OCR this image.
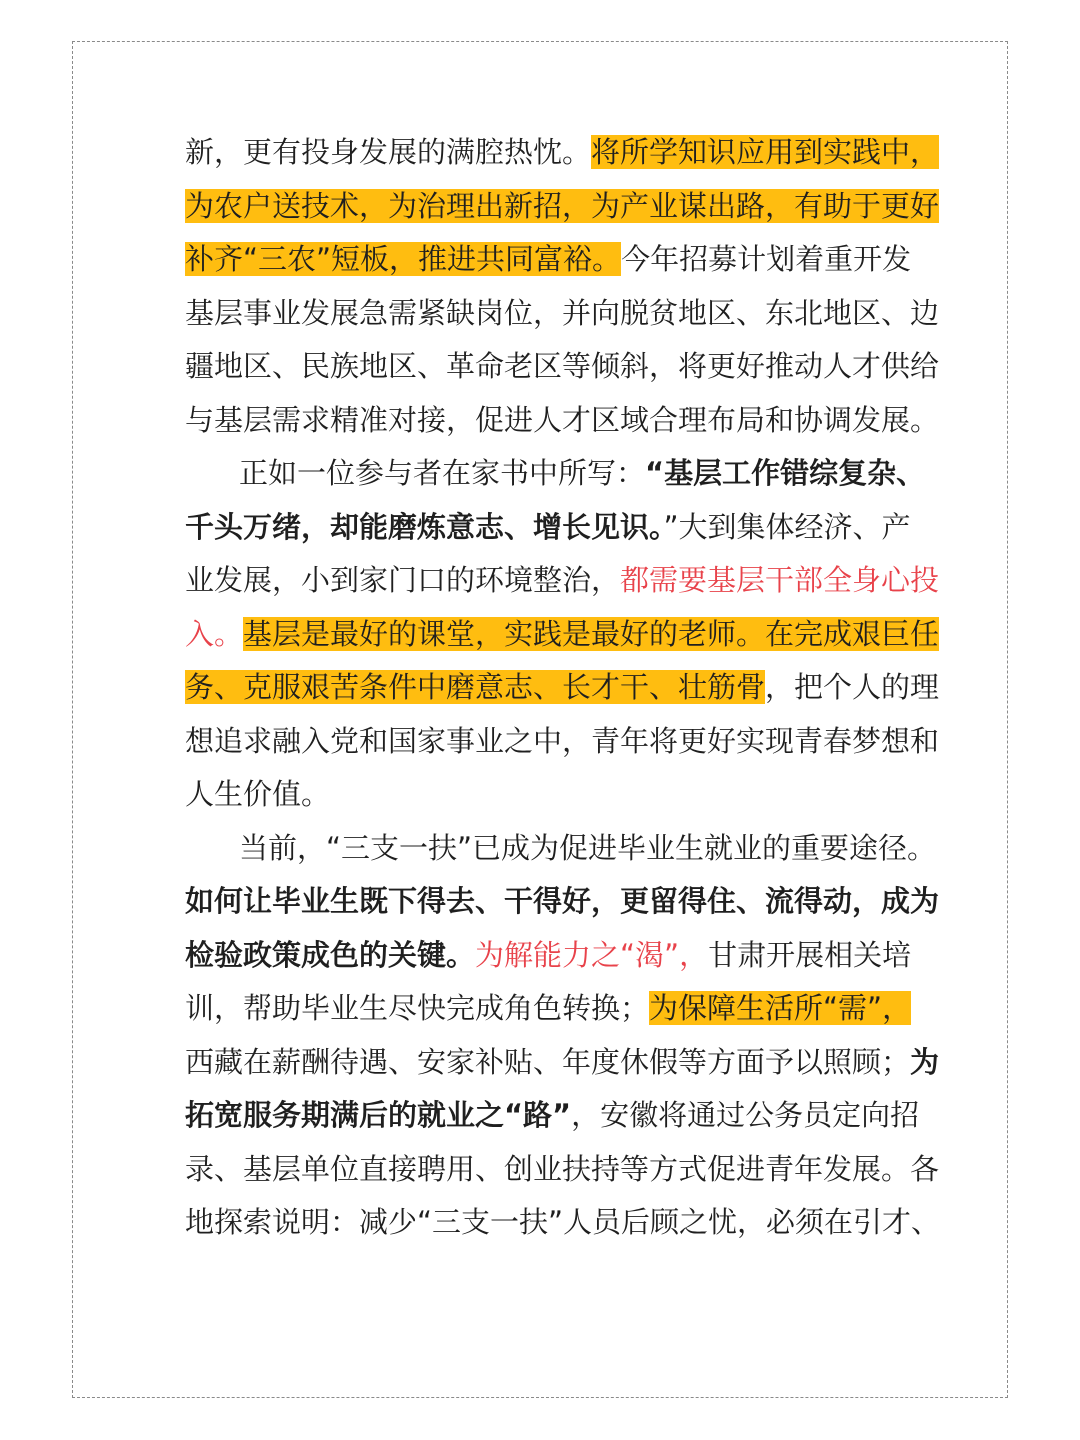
新，更有投身发展的满腔热忱。将所学知识应用到实践中，
为农户送技术，为治理出新招，为产业谋出路，有助于更好
补齐“三农”短板，推进共同富裕。今年招募计划着重开发
基层事业发展急需紧缺岗位，并向脱贫地区、东北地区、边
疆地区、民族地区、革命老区等倾斜，将更好推动人才供给
与基层需求精准对接，促进人才区域合理布局和协调发展。
正如一位参与者在家书中所写：“基层工作错综复杂、
千头万绪，却能磨炼意志、增长见识。”大到集体经济、产
业发展，小到家门口的环境整治，都需要基层干部全身心投
入。基层是最好的课堂，实践是最好的老师。在完成艰巨任
务、克服艰苦条件中磨意志、长才干、壮筋骨，把个人的理
想追求融入党和国家事业之中，青年将更好实现青春梦想和
人生价值。
当前，“三支一扶”已成为促进毕业生就业的重要途径。
如何让毕业生既下得去、干得好，更留得住、流得动，成为
检验政策成色的关键。为解能力之“渴”，甘肃开展相关培
训，帮助毕业生尽快完成角色转换；为保障生活所“需”，
西藏在薪酬待遇、安家补贴、年度休假等方面予以照顾；为
拓宽服务期满后的就业之“路”，安徽将通过公务员定向招
录、基层单位直接聘用、创业扶持等方式促进青年发展。各
地探索说明：减少“三支一扶”人员后顾之忧，必须在引才、
